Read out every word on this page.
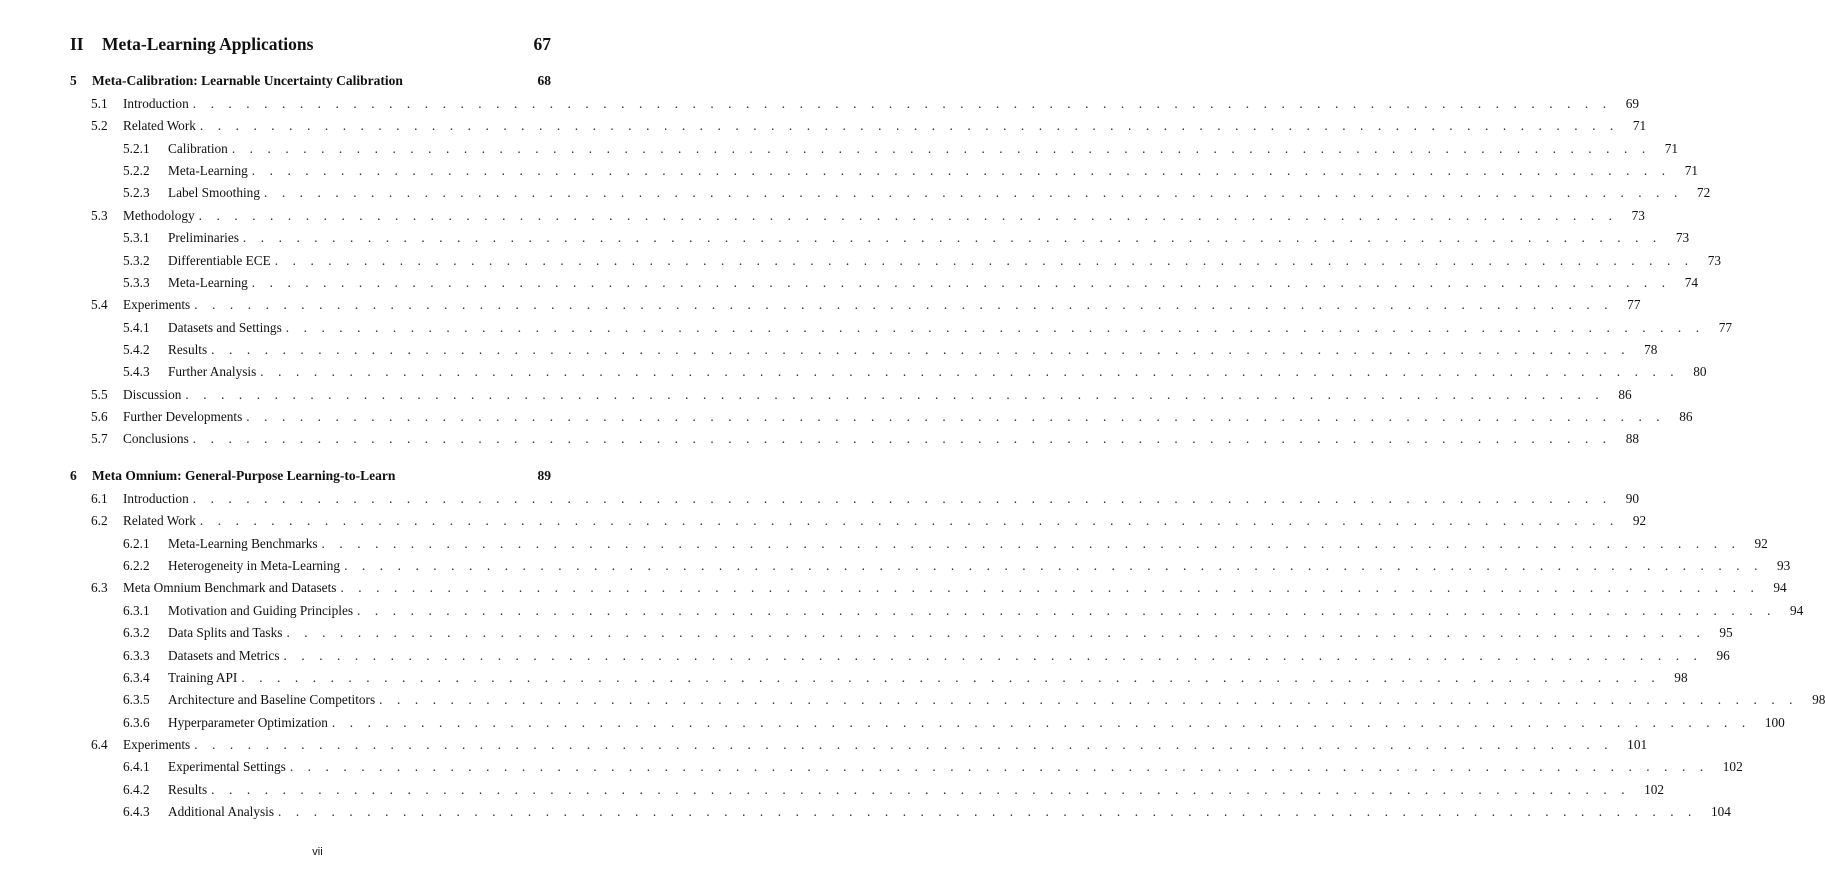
II Meta-Learning Applications	67
5 Meta-Calibration: Learnable Uncertainty Calibration	68
5.1 Introduction . . . . . . . . . . . . . . . . . . . . . . . . . . . . . . . . . . . . . . . . . . . . . . . . . . . . . . . . . . . . . . . . . . . . . . . . . . . . . . . . 69
5.2 Related Work . . . . . . . . . . . . . . . . . . . . . . . . . . . . . . . . . . . . . . . . . . . . . . . . . . . . . . . . . . . . . . . . . . . . . . . . . . . . . . . . 71
5.2.1 Calibration . . . . . . . . . . . . . . . . . . . . . . . . . . . . . . . . . . . . . . . . . . . . . . . . . . . . . . . . . . . . . . . . . . . . . . . . . . . . . . . . 71
5.2.2 Meta-Learning . . . . . . . . . . . . . . . . . . . . . . . . . . . . . . . . . . . . . . . . . . . . . . . . . . . . . . . . . . . . . . . . . . . . . . . . . . . . . . . . 71
5.2.3 Label Smoothing . . . . . . . . . . . . . . . . . . . . . . . . . . . . . . . . . . . . . . . . . . . . . . . . . . . . . . . . . . . . . . . . . . . . . . . . . . . . . . . . 72
5.3 Methodology . . . . . . . . . . . . . . . . . . . . . . . . . . . . . . . . . . . . . . . . . . . . . . . . . . . . . . . . . . . . . . . . . . . . . . . . . . . . . . . . 73
5.3.1 Preliminaries . . . . . . . . . . . . . . . . . . . . . . . . . . . . . . . . . . . . . . . . . . . . . . . . . . . . . . . . . . . . . . . . . . . . . . . . . . . . . . . . 73
5.3.2 Differentiable ECE . . . . . . . . . . . . . . . . . . . . . . . . . . . . . . . . . . . . . . . . . . . . . . . . . . . . . . . . . . . . . . . . . . . . . . . . . . . . . . . . 73
5.3.3 Meta-Learning . . . . . . . . . . . . . . . . . . . . . . . . . . . . . . . . . . . . . . . . . . . . . . . . . . . . . . . . . . . . . . . . . . . . . . . . . . . . . . . . 74
5.4 Experiments . . . . . . . . . . . . . . . . . . . . . . . . . . . . . . . . . . . . . . . . . . . . . . . . . . . . . . . . . . . . . . . . . . . . . . . . . . . . . . . . 77
5.4.1 Datasets and Settings . . . . . . . . . . . . . . . . . . . . . . . . . . . . . . . . . . . . . . . . . . . . . . . . . . . . . . . . . . . . . . . . . . . . . . . . . . . . . . . . 77
5.4.2 Results . . . . . . . . . . . . . . . . . . . . . . . . . . . . . . . . . . . . . . . . . . . . . . . . . . . . . . . . . . . . . . . . . . . . . . . . . . . . . . . . 78
5.4.3 Further Analysis . . . . . . . . . . . . . . . . . . . . . . . . . . . . . . . . . . . . . . . . . . . . . . . . . . . . . . . . . . . . . . . . . . . . . . . . . . . . . . . . 80
5.5 Discussion . . . . . . . . . . . . . . . . . . . . . . . . . . . . . . . . . . . . . . . . . . . . . . . . . . . . . . . . . . . . . . . . . . . . . . . . . . . . . . . . 86
5.6 Further Developments . . . . . . . . . . . . . . . . . . . . . . . . . . . . . . . . . . . . . . . . . . . . . . . . . . . . . . . . . . . . . . . . . . . . . . . . . . . . . . . . 86
5.7 Conclusions . . . . . . . . . . . . . . . . . . . . . . . . . . . . . . . . . . . . . . . . . . . . . . . . . . . . . . . . . . . . . . . . . . . . . . . . . . . . . . . . 88
6 Meta Omnium: General-Purpose Learning-to-Learn	89
6.1 Introduction . . . . . . . . . . . . . . . . . . . . . . . . . . . . . . . . . . . . . . . . . . . . . . . . . . . . . . . . . . . . . . . . . . . . . . . . . . . . . . . . 90
6.2 Related Work . . . . . . . . . . . . . . . . . . . . . . . . . . . . . . . . . . . . . . . . . . . . . . . . . . . . . . . . . . . . . . . . . . . . . . . . . . . . . . . . 92
6.2.1 Meta-Learning Benchmarks . . . . . . . . . . . . . . . . . . . . . . . . . . . . . . . . . . . . . . . . . . . . . . . . . . . . . . . . . . . . . . . . . . . . . . . . . . . . . . . . 92
6.2.2 Heterogeneity in Meta-Learning . . . . . . . . . . . . . . . . . . . . . . . . . . . . . . . . . . . . . . . . . . . . . . . . . . . . . . . . . . . . . . . . . . . . . . . . . . . . . . . . 93
6.3 Meta Omnium Benchmark and Datasets . . . . . . . . . . . . . . . . . . . . . . . . . . . . . . . . . . . . . . . . . . . . . . . . . . . . . . . . . . . . . . . . . . . . . . . . . . . . . . . . 94
6.3.1 Motivation and Guiding Principles . . . . . . . . . . . . . . . . . . . . . . . . . . . . . . . . . . . . . . . . . . . . . . . . . . . . . . . . . . . . . . . . . . . . . . . . . . . . . . . . 94
6.3.2 Data Splits and Tasks . . . . . . . . . . . . . . . . . . . . . . . . . . . . . . . . . . . . . . . . . . . . . . . . . . . . . . . . . . . . . . . . . . . . . . . . . . . . . . . . 95
6.3.3 Datasets and Metrics . . . . . . . . . . . . . . . . . . . . . . . . . . . . . . . . . . . . . . . . . . . . . . . . . . . . . . . . . . . . . . . . . . . . . . . . . . . . . . . . 96
6.3.4 Training API . . . . . . . . . . . . . . . . . . . . . . . . . . . . . . . . . . . . . . . . . . . . . . . . . . . . . . . . . . . . . . . . . . . . . . . . . . . . . . . . 98
6.3.5 Architecture and Baseline Competitors . . . . . . . . . . . . . . . . . . . . . . . . . . . . . . . . . . . . . . . . . . . . . . . . . . . . . . . . . . . . . . . . . . . . . . . . . . . . . . . . 98
6.3.6 Hyperparameter Optimization . . . . . . . . . . . . . . . . . . . . . . . . . . . . . . . . . . . . . . . . . . . . . . . . . . . . . . . . . . . . . . . . . . . . . . . . . . . . . . . . 100
6.4 Experiments . . . . . . . . . . . . . . . . . . . . . . . . . . . . . . . . . . . . . . . . . . . . . . . . . . . . . . . . . . . . . . . . . . . . . . . . . . . . . . . . 101
6.4.1 Experimental Settings . . . . . . . . . . . . . . . . . . . . . . . . . . . . . . . . . . . . . . . . . . . . . . . . . . . . . . . . . . . . . . . . . . . . . . . . . . . . . . . . 102
6.4.2 Results . . . . . . . . . . . . . . . . . . . . . . . . . . . . . . . . . . . . . . . . . . . . . . . . . . . . . . . . . . . . . . . . . . . . . . . . . . . . . . . . 102
6.4.3 Additional Analysis . . . . . . . . . . . . . . . . . . . . . . . . . . . . . . . . . . . . . . . . . . . . . . . . . . . . . . . . . . . . . . . . . . . . . . . . . . . . . . . . 104
vii
